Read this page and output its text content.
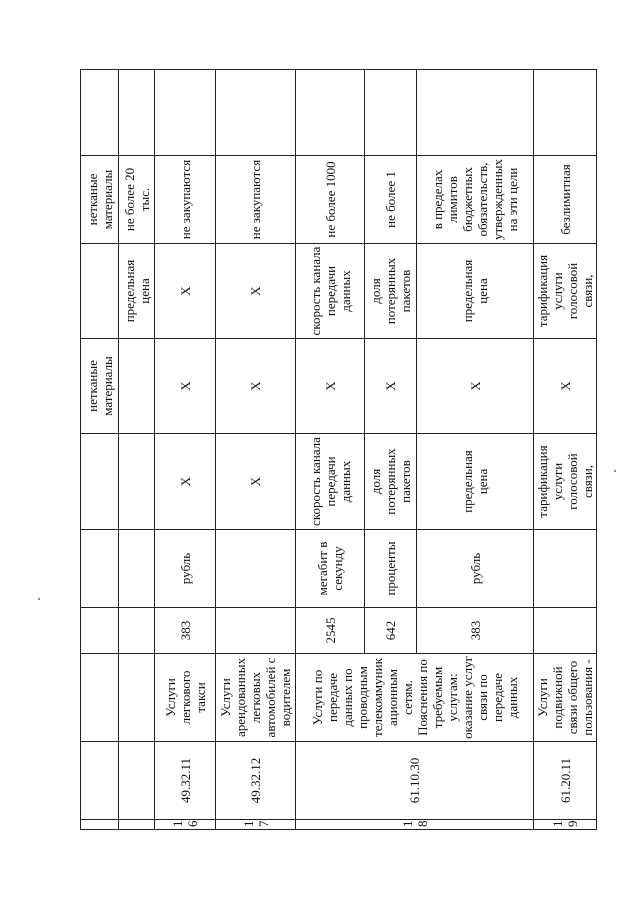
						нетканые материалы		нетканые материалы	
							предельная цена	не более 20 тыс.	
16	49.32.11	Услуги легкового такси	383	рубль	X	X	X	не закупаются	
17	49.32.12	Услуги арендованных легковых автомобилей с водителем			X	X	X	не закупаются	
18	61.10.30	Услуги по передаче данных по проводным телекоммуникационным сетям. Пояснения по требуемым услугам: оказание услуг связи по передаче данных	2545	мегабит в секунду	скорость канала передачи данных	X	скорость канала передачи данных	не более 1000	
			642	проценты	доля потерянных пакетов	X	доля потерянных пакетов	не более 1	
			383	рубль	предельная цена	X	предельная цена	в пределах лимитов бюджетных обязательств, утвержденных на эти цели	
19	61.20.11	Услуги подвижной связи общего пользования -			тарификация услуги голосовой связи,	X	тарификация услуги голосовой связи,	безлимитная	
